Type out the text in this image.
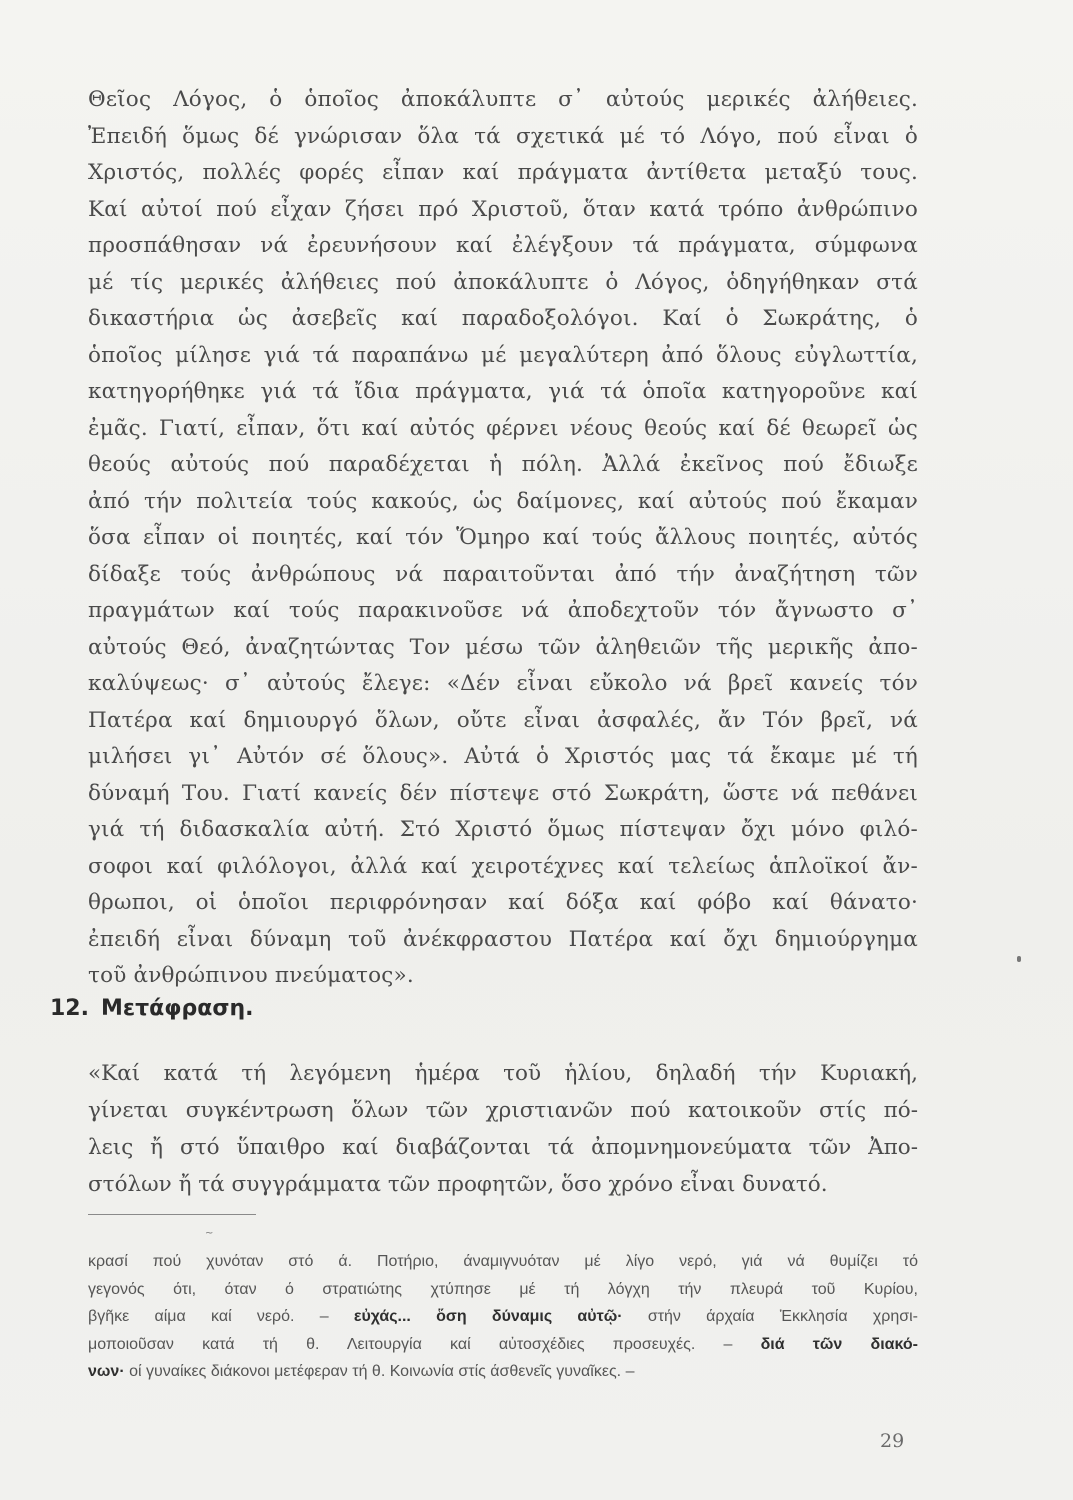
Θεῖος Λόγος, ὁ ὁποῖος ἀποκάλυπτε σ᾽ αὐτούς μερικές ἀλήθειες.
Ἐπειδή ὅμως δέ γνώρισαν ὅλα τά σχετικά μέ τό Λόγο, πού εἶναι ὁ
Χριστός, πολλές φορές εἶπαν καί πράγματα ἀντίθετα μεταξύ τους.
Καί αὐτοί πού εἶχαν ζήσει πρό Χριστοῦ, ὅταν κατά τρόπο ἀνθρώπινο
προσπάθησαν νά ἐρευνήσουν καί ἐλέγξουν τά πράγματα, σύμφωνα
μέ τίς μερικές ἀλήθειες πού ἀποκάλυπτε ὁ Λόγος, ὁδηγήθηκαν στά
δικαστήρια ὡς ἀσεβεῖς καί παραδοξολόγοι. Καί ὁ Σωκράτης, ὁ
ὁποῖος μίλησε γιά τά παραπάνω μέ μεγαλύτερη ἀπό ὅλους εὐγλωττία,
κατηγορήθηκε γιά τά ἴδια πράγματα, γιά τά ὁποῖα κατηγοροῦνε καί
ἐμᾶς. Γιατί, εἶπαν, ὅτι καί αὐτός φέρνει νέους θεούς καί δέ θεωρεῖ ὡς
θεούς αὐτούς πού παραδέχεται ἡ πόλη. Ἀλλά ἐκεῖνος πού ἔδιωξε
ἀπό τήν πολιτεία τούς κακούς, ὡς δαίμονες, καί αὐτούς πού ἔκαμαν
ὅσα εἶπαν οἱ ποιητές, καί τόν Ὅμηρο καί τούς ἄλλους ποιητές, αὐτός
δίδαξε τούς ἀνθρώπους νά παραιτοῦνται ἀπό τήν ἀναζήτηση τῶν
πραγμάτων καί τούς παρακινοῦσε νά ἀποδεχτοῦν τόν ἄγνωστο σ᾽
αὐτούς Θεό, ἀναζητώντας Τον μέσω τῶν ἀληθειῶν τῆς μερικῆς ἀπο-
καλύψεως· σ᾽ αὐτούς ἔλεγε: «Δέν εἶναι εὔκολο νά βρεῖ κανείς τόν
Πατέρα καί δημιουργό ὅλων, οὔτε εἶναι ἀσφαλές, ἄν Τόν βρεῖ, νά
μιλήσει γι᾽ Αὐτόν σέ ὅλους». Αὐτά ὁ Χριστός μας τά ἔκαμε μέ τή
δύναμή Του. Γιατί κανείς δέν πίστεψε στό Σωκράτη, ὥστε νά πεθάνει
γιά τή διδασκαλία αὐτή. Στό Χριστό ὅμως πίστεψαν ὄχι μόνο φιλό-
σοφοι καί φιλόλογοι, ἀλλά καί χειροτέχνες καί τελείως ἁπλοϊκοί ἄν-
θρωποι, οἱ ὁποῖοι περιφρόνησαν καί δόξα καί φόβο καί θάνατο·
ἐπειδή εἶναι δύναμη τοῦ ἀνέκφραστου Πατέρα καί ὄχι δημιούργημα
τοῦ ἀνθρώπινου πνεύματος».
12. Μετάφραση.
«Καί κατά τή λεγόμενη ἡμέρα τοῦ ἡλίου, δηλαδή τήν Κυριακή,
γίνεται συγκέντρωση ὅλων τῶν χριστιανῶν πού κατοικοῦν στίς πό-
λεις ἤ στό ὕπαιθρο καί διαβάζονται τά ἀπομνημονεύματα τῶν Ἀπο-
στόλων ἤ τά συγγράμματα τῶν προφητῶν, ὅσο χρόνο εἶναι δυνατό.
~
κρασί πού χυνόταν στό ά. Ποτήριο, άναμιγνυόταν μέ λίγο νερό, γιά νά θυμίζει τό
γεγονός ότι, όταν ό στρατιώτης χτύπησε μέ τή λόγχη τήν πλευρά τοῦ Κυρίου,
βγῆκε αίμα καί νερό. – εὐχάς... ὅση δύναμις αὐτῷ· στήν άρχαία Ἐκκλησία χρησι-
μοποιοῦσαν κατά τή θ. Λειτουργία καί αὐτοσχέδιες προσευχές. – διά τῶν διακό-
νων· οί γυναίκες διάκονοι μετέφεραν τή θ. Κοινωνία στίς άσθενεῖς γυναῖκες. –
29
